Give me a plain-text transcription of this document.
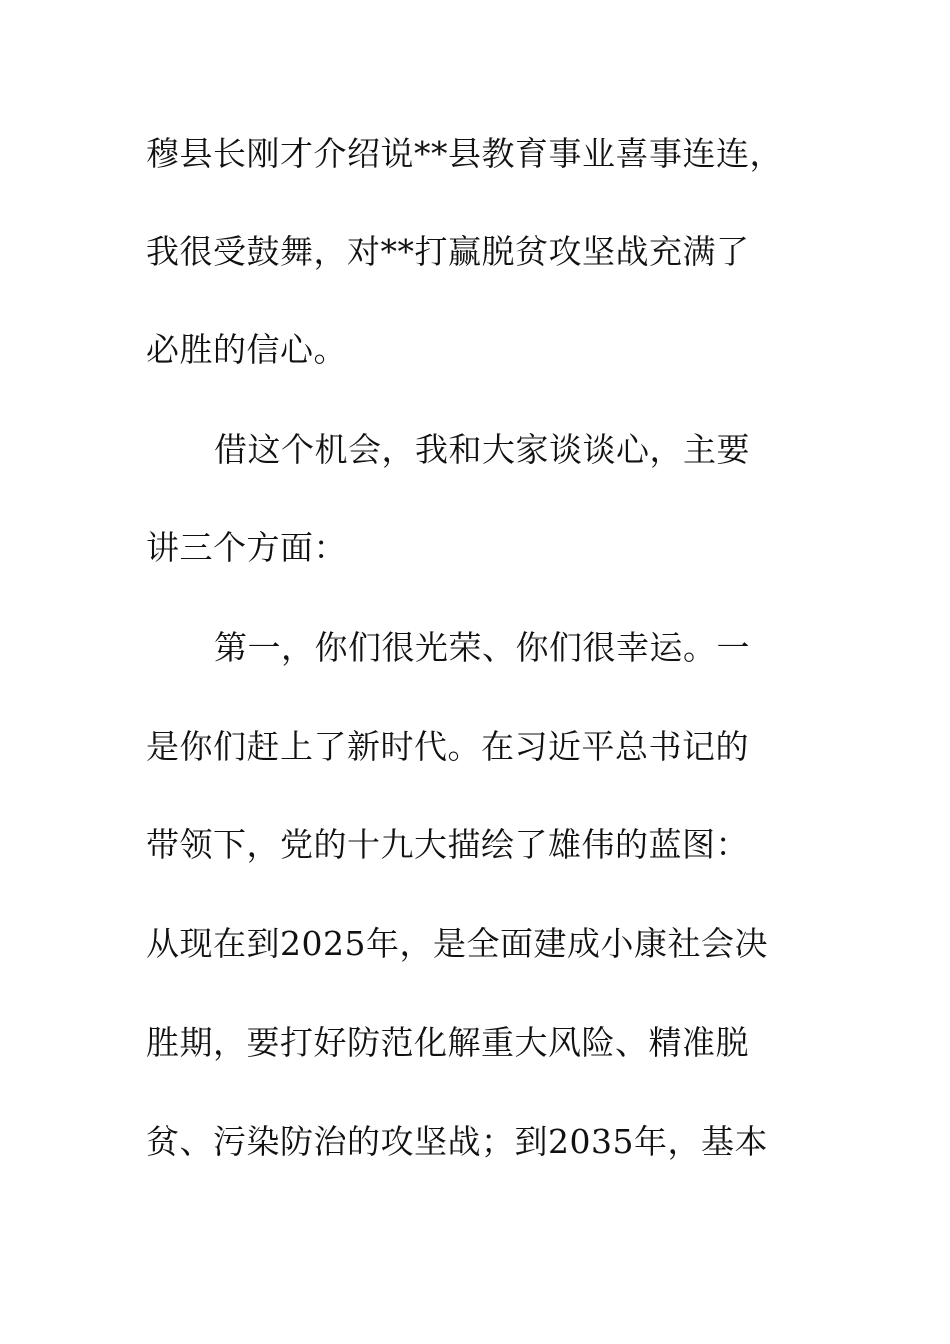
穆县长刚才介绍说**县教育事业喜事连连，
我很受鼓舞，对**打赢脱贫攻坚战充满了
必胜的信心。
借这个机会，我和大家谈谈心，主要
讲三个方面：
第一，你们很光荣、你们很幸运。一
是你们赶上了新时代。在习近平总书记的
带领下，党的十九大描绘了雄伟的蓝图：
从现在到2025年，是全面建成小康社会决
胜期，要打好防范化解重大风险、精准脱
贫、污染防治的攻坚战；到2035年，基本
